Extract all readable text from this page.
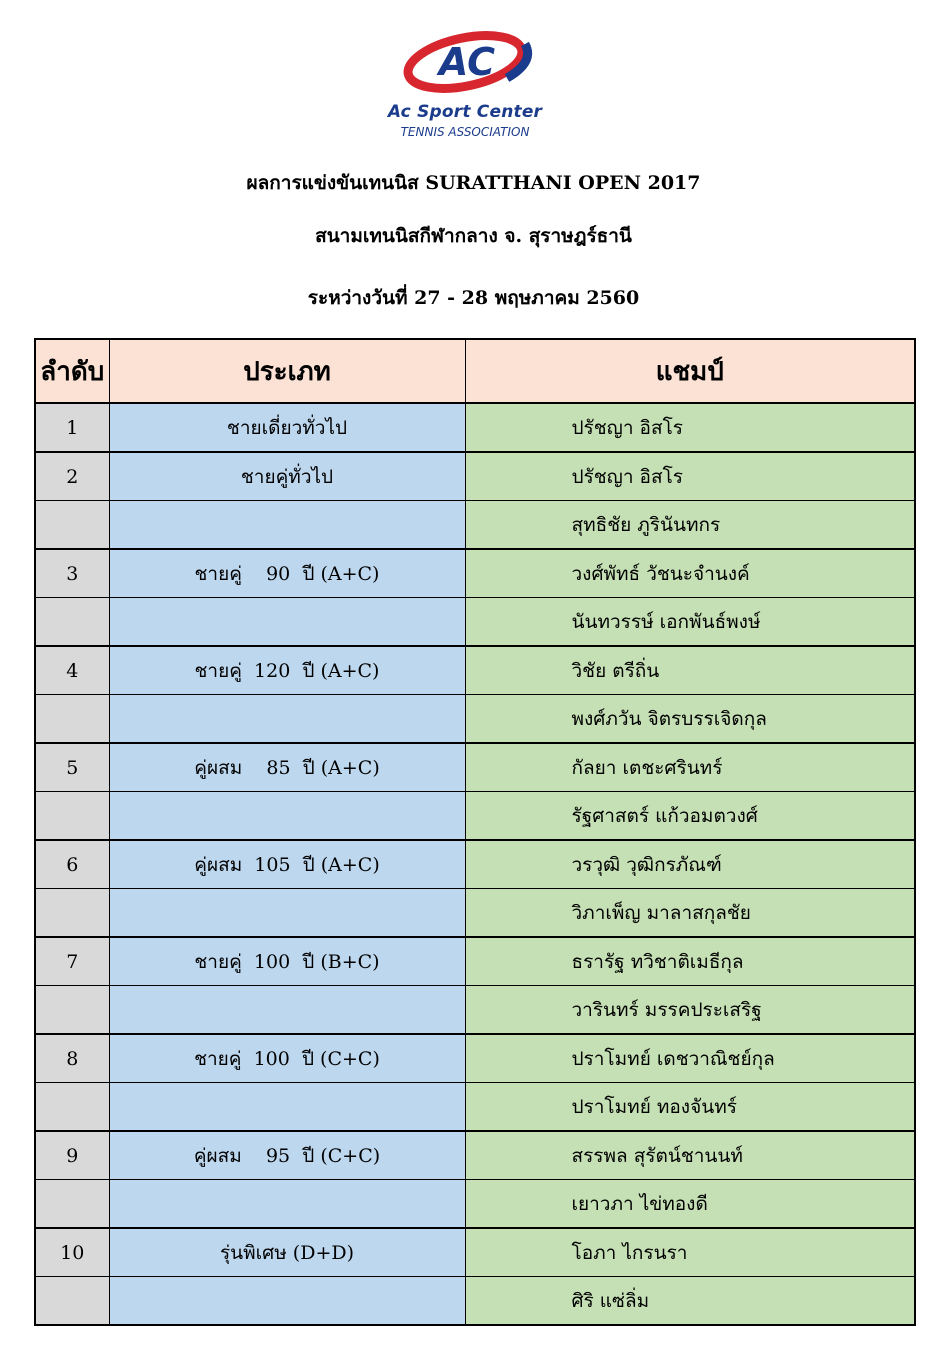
AC
Ac Sport Center
TENNIS ASSOCIATION
ผลการแข่งขันเทนนิส SURATTHANI OPEN 2017
สนามเทนนิสกีฬากลาง จ. สุราษฎร์ธานี
ระหว่างวันที่ 27 - 28 พฤษภาคม 2560
ลำดับ	ประเภท	แชมป์
1	ชายเดี่ยวทั่วไป	ปรัชญา อิสโร
2	ชายคู่ทั่วไป	ปรัชญา อิสโร
		สุทธิชัย ภูรินันทกร
3	ชายคู่    90  ปี (A+C)	วงศ์พัทธ์ วัชนะจำนงค์
		นันทวรรษ์ เอกพันธ์พงษ์
4	ชายคู่  120  ปี (A+C)	วิชัย ตรีถิ่น
		พงศ์ภวัน จิตรบรรเจิดกุล
5	คู่ผสม    85  ปี (A+C)	กัลยา เตชะศรินทร์
		รัฐศาสตร์ แก้วอมตวงศ์
6	คู่ผสม  105  ปี (A+C)	วรวุฒิ วุฒิกรภัณฑ์
		วิภาเพ็ญ มาลาสกุลชัย
7	ชายคู่  100  ปี (B+C)	ธรารัฐ ทวิชาติเมธีกุล
		วารินทร์ มรรคประเสริฐ
8	ชายคู่  100  ปี (C+C)	ปราโมทย์ เดชวาณิชย์กุล
		ปราโมทย์ ทองจันทร์
9	คู่ผสม    95  ปี (C+C)	สรรพล สุรัตน์ชานนท์
		เยาวภา ไข่ทองดี
10	รุ่นพิเศษ (D+D)	โอภา ไกรนรา
		ศิริ แซ่ลิ่ม
